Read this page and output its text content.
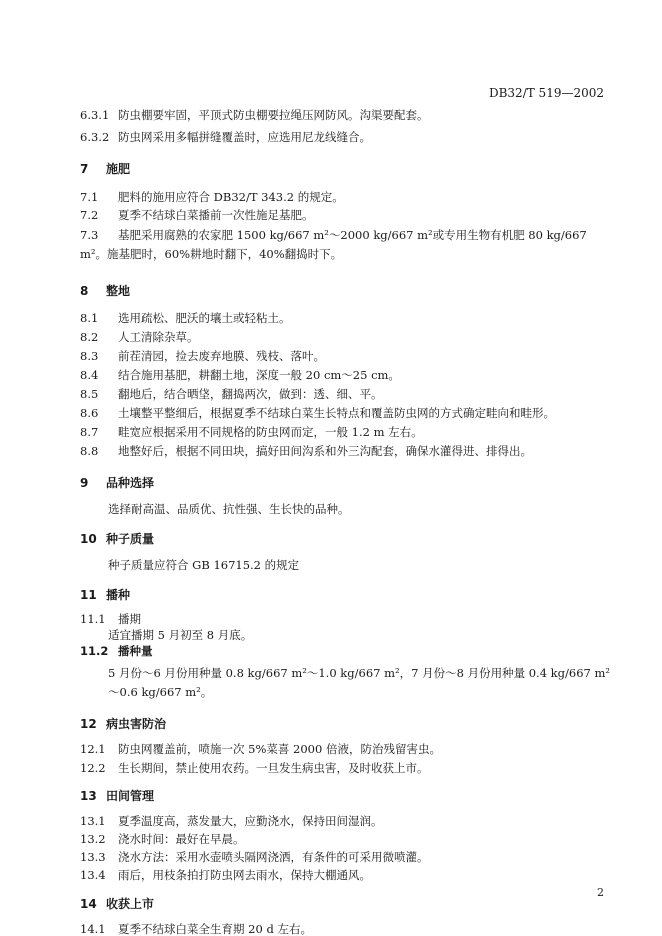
DB32/T 519—2002
6.3.1 防虫棚要牢固，平顶式防虫棚要拉绳压网防风。沟渠要配套。
6.3.2 防虫网采用多幅拼缝覆盖时，应选用尼龙线缝合。
7 施肥
7.1 肥料的施用应符合 DB32/T 343.2 的规定。
7.2 夏季不结球白菜播前一次性施足基肥。
7.3 基肥采用腐熟的农家肥 1500 kg/667 m²～2000 kg/667 m²或专用生物有机肥 80 kg/667 m²。施基肥时，60%耕地时翻下，40%翻捣时下。
8 整地
8.1 选用疏松、肥沃的壤土或轻粘土。
8.2 人工清除杂草。
8.3 前茬清园，捡去废弃地膜、残枝、落叶。
8.4 结合施用基肥，耕翻土地，深度一般 20 cm～25 cm。
8.5 翻地后，结合晒垡，翻捣两次，做到：透、细、平。
8.6 土壤整平整细后，根据夏季不结球白菜生长特点和覆盖防虫网的方式确定畦向和畦形。
8.7 畦宽应根据采用不同规格的防虫网而定，一般 1.2 m 左右。
8.8 地整好后，根据不同田块，搞好田间沟系和外三沟配套，确保水灌得进、排得出。
9 品种选择
选择耐高温、品质优、抗性强、生长快的品种。
10 种子质量
种子质量应符合 GB 16715.2 的规定
11 播种
11.1 播期
适宜播期 5 月初至 8 月底。
11.2 播种量
5 月份～6 月份用种量 0.8 kg/667 m²～1.0 kg/667 m²，7 月份～8 月份用种量 0.4 kg/667 m²～0.6 kg/667 m²。
12 病虫害防治
12.1 防虫网覆盖前，喷施一次 5%菜喜 2000 倍液，防治残留害虫。
12.2 生长期间，禁止使用农药。一旦发生病虫害，及时收获上市。
13 田间管理
13.1 夏季温度高，蒸发量大，应勤浇水，保持田间湿润。
13.2 浇水时间：最好在早晨。
13.3 浇水方法：采用水壶喷头隔网浇洒，有条件的可采用微喷灌。
13.4 雨后，用枝条拍打防虫网去雨水，保持大棚通风。
14 收获上市
14.1 夏季不结球白菜全生育期 20 d 左右。
2
